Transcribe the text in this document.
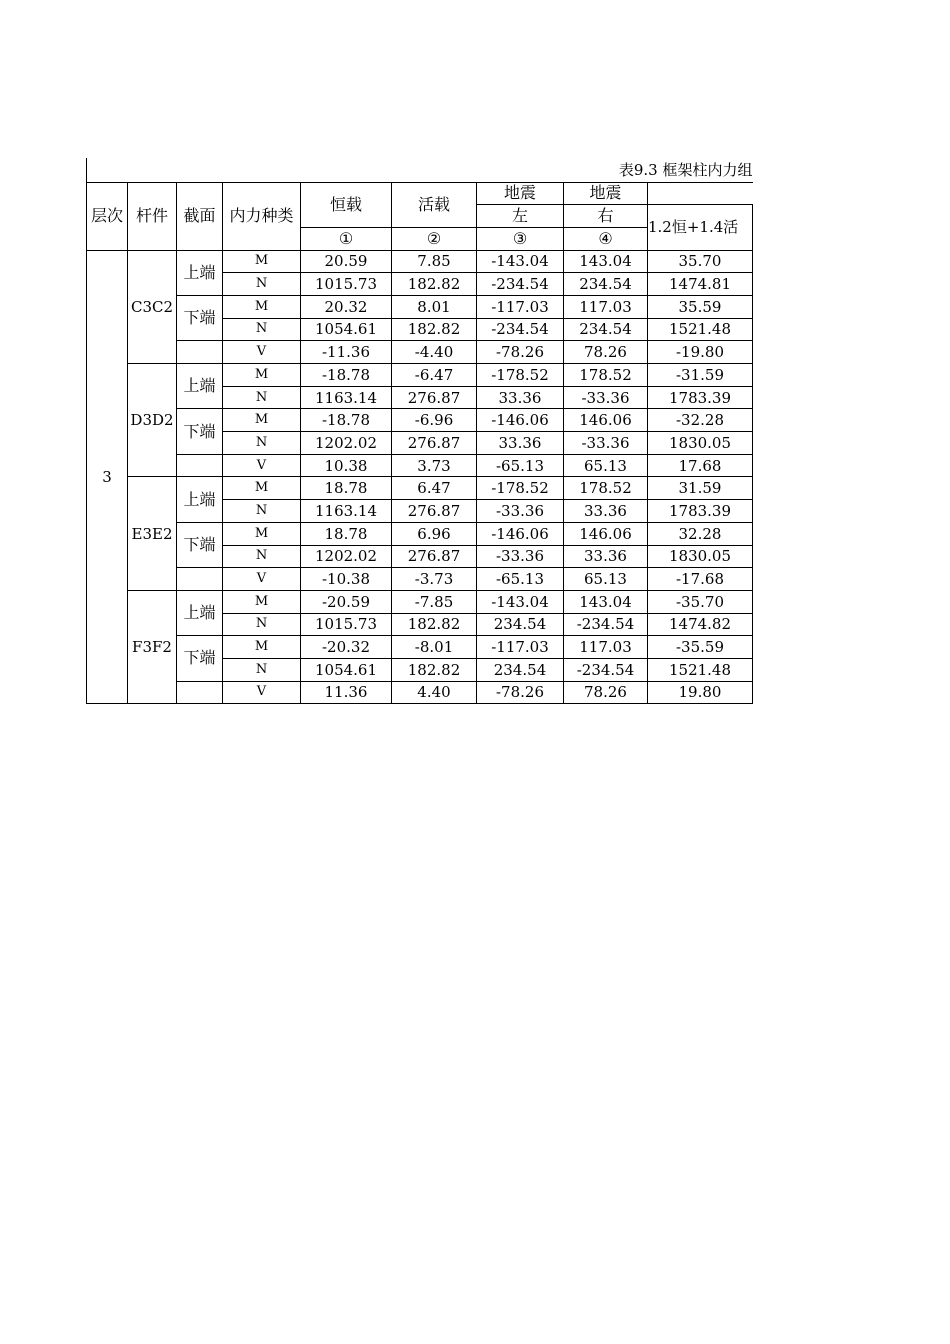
表9.3 框架柱内力组								
层次	杆件	截面	内力种类	恒载	活载	地震	地震	
						左	右	1.2恒+1.4活
				①	②	③	④	
3	C3C2	上端	M	20.59	7.85	-143.04	143.04	35.70
			N	1015.73	182.82	-234.54	234.54	1474.81
		下端	M	20.32	8.01	-117.03	117.03	35.59
			N	1054.61	182.82	-234.54	234.54	1521.48
			V	-11.36	-4.40	-78.26	78.26	-19.80
	D3D2	上端	M	-18.78	-6.47	-178.52	178.52	-31.59
			N	1163.14	276.87	33.36	-33.36	1783.39
		下端	M	-18.78	-6.96	-146.06	146.06	-32.28
			N	1202.02	276.87	33.36	-33.36	1830.05
			V	10.38	3.73	-65.13	65.13	17.68
	E3E2	上端	M	18.78	6.47	-178.52	178.52	31.59
			N	1163.14	276.87	-33.36	33.36	1783.39
		下端	M	18.78	6.96	-146.06	146.06	32.28
			N	1202.02	276.87	-33.36	33.36	1830.05
			V	-10.38	-3.73	-65.13	65.13	-17.68
	F3F2	上端	M	-20.59	-7.85	-143.04	143.04	-35.70
			N	1015.73	182.82	234.54	-234.54	1474.82
		下端	M	-20.32	-8.01	-117.03	117.03	-35.59
			N	1054.61	182.82	234.54	-234.54	1521.48
			V	11.36	4.40	-78.26	78.26	19.80
